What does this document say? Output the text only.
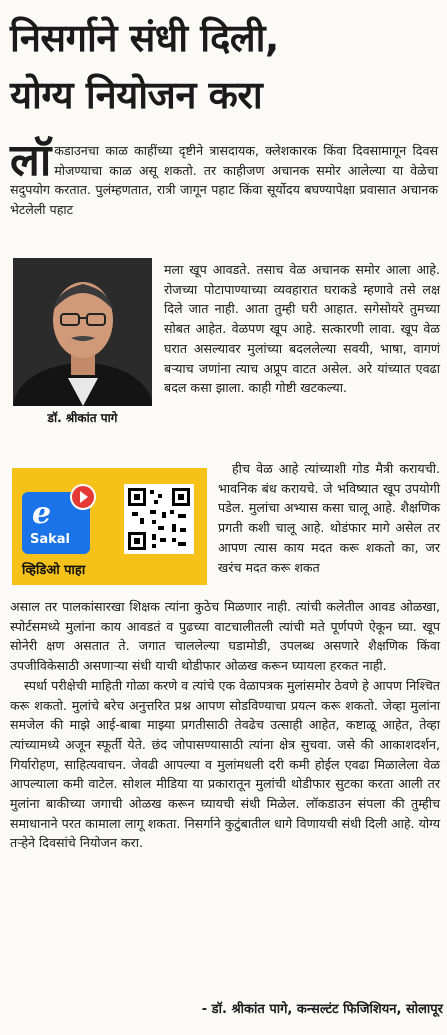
निसर्गाने संधी दिली,
योग्य नियोजन करा
लॉ कडाउनचा काळ काहींच्या दृष्टीने त्रासदायक, क्लेशकारक किंवा दिवसामागून दिवस मोजण्याचा काळ असू शकतो. तर काहीजण अचानक समोर आलेल्या या वेळेचा सदुपयोग करतात. पुलंम्हणतात, रात्री जागून पहाट किंवा सूर्योदय बघण्यापेक्षा प्रवासात अचानक भेटलेली पहाट
डॉ. श्रीकांत पागे

मला खूप आवडते. तसाच वेळ अचानक समोर आला आहे. रोजच्या पोटापाण्याच्या व्यवहारात घराकडे म्हणावे तसे लक्ष दिले जात नाही. आता तुम्ही घरी आहात. सगेसोयरे तुमच्या सोबत आहेत. वेळपण खूप आहे. सत्कारणी लावा. खूप वेळ घरात असल्यावर मुलांच्या बदललेल्या सवयी, भाषा, वागणं बऱ्याच जणांना त्याच अप्रूप वाटत असेल. अरे यांच्यात एवढा बदल कसा झाला. काही गोष्टी खटकल्या.

हीच वेळ आहे त्यांच्याशी गोड मैत्री करायची. भावनिक बंध करायचे. जे भविष्यात खूप उपयोगी पडेल. मुलांचा अभ्यास कसा चालू आहे. शैक्षणिक प्रगती कशी चालू आहे. थोडंफार मागे असेल तर आपण त्यास काय मदत करू शकतो का, जर खरंच मदत करू शकत

e
Sakal
व्हिडिओ पाहा

असाल तर पालकांसारखा शिक्षक त्यांना कुठेच मिळणार नाही. त्यांची कलेतील आवड ओळखा, स्पोर्टसमध्ये मुलांना काय आवडतं व पुढच्या वाटचालीतली त्यांची मते पूर्णपणे ऐकून घ्या. खूप सोनेरी क्षण असतात ते. जगात चाललेल्या घडामोडी, उपलब्ध असणारे शैक्षणिक किंवा उपजीविकेसाठी असणाऱ्या संधी याची थोडीफार ओळख करून घ्यायला हरकत नाही.

स्पर्धा परीक्षेची माहिती गोळा करणे व त्यांचे एक वेळापत्रक मुलांसमोर ठेवणे हे आपण निश्चित करू शकतो. मुलांचे बरेच अनुत्तरित प्रश्न आपण सोडविण्याचा प्रयत्न करू शकतो. जेव्हा मुलांना समजेल की माझे आई-बाबा माझ्या प्रगतीसाठी तेवढेच उत्साही आहेत, कष्टाळू आहेत, तेव्हा त्यांच्यामध्ये अजून स्फूर्ती येते. छंद जोपासण्यासाठी त्यांना क्षेत्र सुचवा. जसे की आकाशदर्शन, गिर्यारोहण, साहित्यवाचन. जेवढी आपल्या व मुलांमधली दरी कमी होईल एवढा मिळालेला वेळ आपल्याला कमी वाटेल. सोशल मीडिया या प्रकारातून मुलांची थोडीफार सुटका करता आली तर मुलांना बाकीच्या जगाची ओळख करून घ्यायची संधी मिळेल. लॉकडाउन संपला की तुम्हीच समाधानाने परत कामाला लागू शकता. निसर्गाने कुटुंबातील धागे विणायची संधी दिली आहे. योग्य तऱ्हेने दिवसांचे नियोजन करा.

- डॉ. श्रीकांत पागे, कन्सल्टंट फिजिशियन, सोलापूर
